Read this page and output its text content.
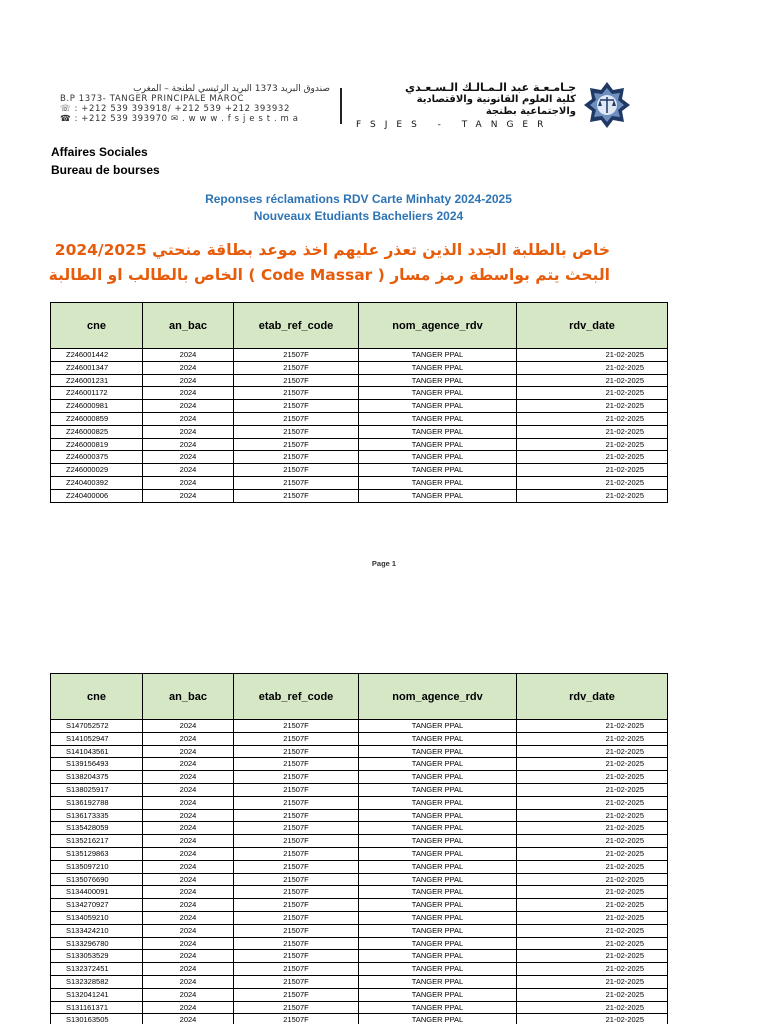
صندوق البريد 1373 البريد الرئيسي لطنجة – المغرب
B.P 1373- TANGER PRINCIPALE MAROC
☏ : +212 539 393918/ +212 539 +212 393932
☎ : +212 539 393970 ✉ . w w w . f s j e s t . m a
جـامـعـة عبد الـمـالـك الـسـعـدي
كلية العلوم القانونية والاقتصادية
والاجتماعية بطنجة
FSJES - TANGER
Affaires Sociales
Bureau de bourses
Reponses réclamations RDV Carte Minhaty 2024-2025
Nouveaux Etudiants Bacheliers 2024
خاص بالطلبة الجدد الذين تعذر عليهم اخذ موعد بطاقة منحتي 2024/2025
البحث يتم بواسطة رمز مسار ( Code Massar ) الخاص بالطالب او الطالبة
cne	an_bac	etab_ref_code	nom_agence_rdv	rdv_date
Z246001442	2024	21507F	TANGER PPAL	21-02-2025
Z246001347	2024	21507F	TANGER PPAL	21-02-2025
Z246001231	2024	21507F	TANGER PPAL	21-02-2025
Z246001172	2024	21507F	TANGER PPAL	21-02-2025
Z246000981	2024	21507F	TANGER PPAL	21-02-2025
Z246000859	2024	21507F	TANGER PPAL	21-02-2025
Z246000825	2024	21507F	TANGER PPAL	21-02-2025
Z246000819	2024	21507F	TANGER PPAL	21-02-2025
Z246000375	2024	21507F	TANGER PPAL	21-02-2025
Z246000029	2024	21507F	TANGER PPAL	21-02-2025
Z240400392	2024	21507F	TANGER PPAL	21-02-2025
Z240400006	2024	21507F	TANGER PPAL	21-02-2025
Page 1
cne	an_bac	etab_ref_code	nom_agence_rdv	rdv_date
S147052572	2024	21507F	TANGER PPAL	21-02-2025
S141052947	2024	21507F	TANGER PPAL	21-02-2025
S141043561	2024	21507F	TANGER PPAL	21-02-2025
S139156493	2024	21507F	TANGER PPAL	21-02-2025
S138204375	2024	21507F	TANGER PPAL	21-02-2025
S138025917	2024	21507F	TANGER PPAL	21-02-2025
S136192788	2024	21507F	TANGER PPAL	21-02-2025
S136173335	2024	21507F	TANGER PPAL	21-02-2025
S135428059	2024	21507F	TANGER PPAL	21-02-2025
S135216217	2024	21507F	TANGER PPAL	21-02-2025
S135129863	2024	21507F	TANGER PPAL	21-02-2025
S135097210	2024	21507F	TANGER PPAL	21-02-2025
S135076690	2024	21507F	TANGER PPAL	21-02-2025
S134400091	2024	21507F	TANGER PPAL	21-02-2025
S134270927	2024	21507F	TANGER PPAL	21-02-2025
S134059210	2024	21507F	TANGER PPAL	21-02-2025
S133424210	2024	21507F	TANGER PPAL	21-02-2025
S133296780	2024	21507F	TANGER PPAL	21-02-2025
S133053529	2024	21507F	TANGER PPAL	21-02-2025
S132372451	2024	21507F	TANGER PPAL	21-02-2025
S132328582	2024	21507F	TANGER PPAL	21-02-2025
S132041241	2024	21507F	TANGER PPAL	21-02-2025
S131161371	2024	21507F	TANGER PPAL	21-02-2025
S130163505	2024	21507F	TANGER PPAL	21-02-2025
